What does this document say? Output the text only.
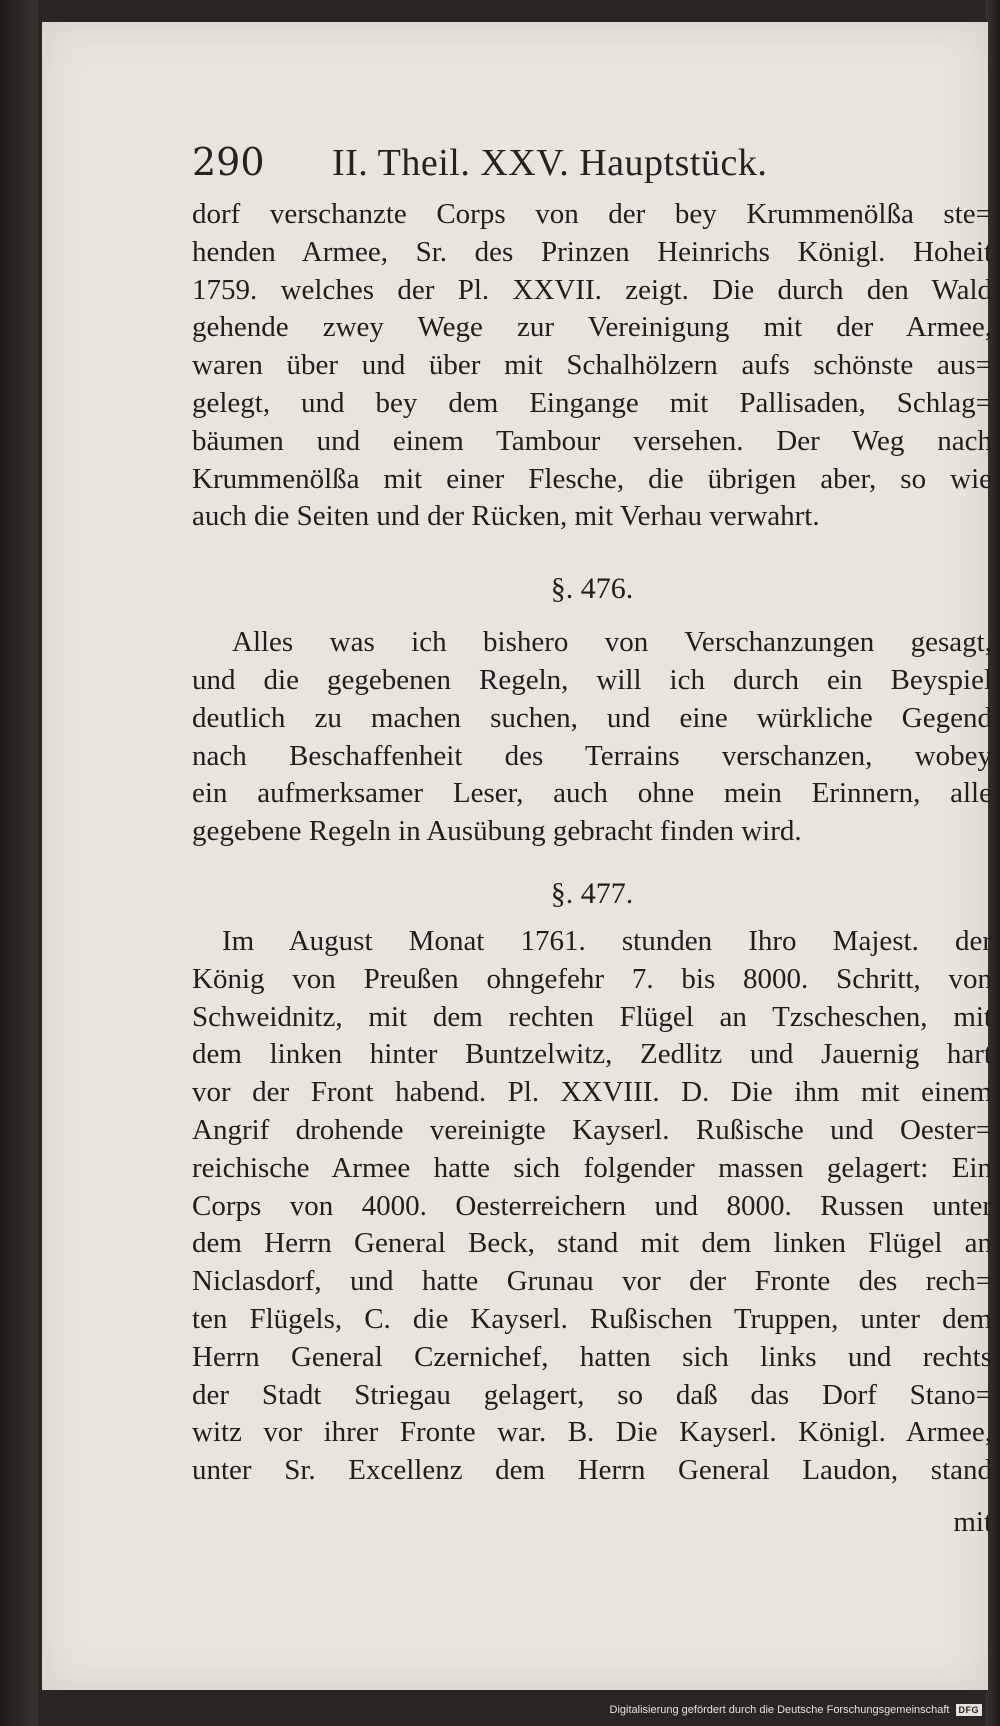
290	II. Theil. XXV. Hauptstück.

dorf verschanzte Corps von der bey Krummenölßa ste=
henden Armee, Sr. des Prinzen Heinrichs Königl. Hoheit
1759. welches der Pl. XXVII. zeigt. Die durch den Wald
gehende zwey Wege zur Vereinigung mit der Armee,
waren über und über mit Schalhölzern aufs schönste aus=
gelegt, und bey dem Eingange mit Pallisaden, Schlag=
bäumen und einem Tambour versehen. Der Weg nach
Krummenölßa mit einer Flesche, die übrigen aber, so wie
auch die Seiten und der Rücken, mit Verhau verwahrt.

§. 476.

Alles was ich bishero von Verschanzungen gesagt,
und die gegebenen Regeln, will ich durch ein Beyspiel
deutlich zu machen suchen, und eine würkliche Gegend
nach Beschaffenheit des Terrains verschanzen, wobey
ein aufmerksamer Leser, auch ohne mein Erinnern, alle
gegebene Regeln in Ausübung gebracht finden wird.

§. 477.

Im August Monat 1761. stunden Ihro Majest. der
König von Preußen ohngefehr 7. bis 8000. Schritt, von
Schweidnitz, mit dem rechten Flügel an Tzscheschen, mit
dem linken hinter Buntzelwitz, Zedlitz und Jauernig hart
vor der Front habend. Pl. XXVIII. D. Die ihm mit einem
Angrif drohende vereinigte Kayserl. Rußische und Oester=
reichische Armee hatte sich folgender massen gelagert: Ein
Corps von 4000. Oesterreichern und 8000. Russen unter
dem Herrn General Beck, stand mit dem linken Flügel an
Niclasdorf, und hatte Grunau vor der Fronte des rech=
ten Flügels, C. die Kayserl. Rußischen Truppen, unter dem
Herrn General Czernichef, hatten sich links und rechts
der Stadt Striegau gelagert, so daß das Dorf Stano=
witz vor ihrer Fronte war. B. Die Kayserl. Königl. Armee,
unter Sr. Excellenz dem Herrn General Laudon, stand

mit
Digitalisierung gefördert durch die Deutsche Forschungsgemeinschaft	DFG
